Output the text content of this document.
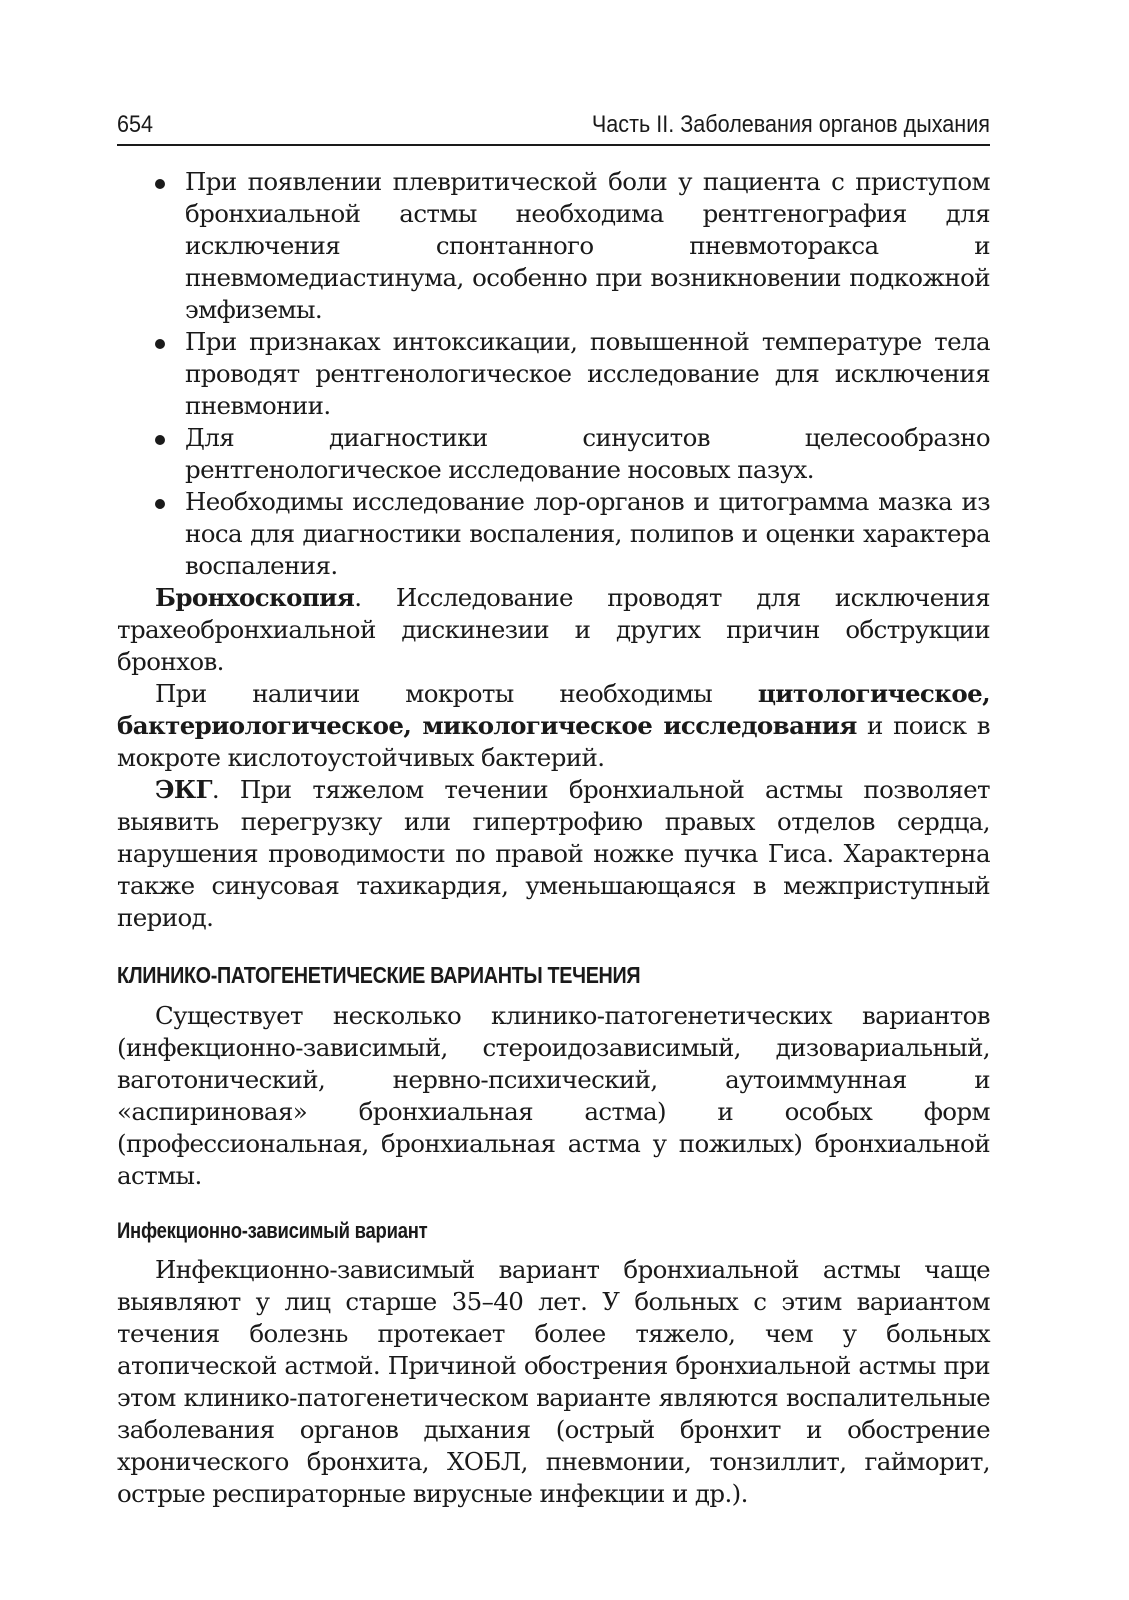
654	Часть II. Заболевания органов дыхания
При появлении плевритической боли у пациента с приступом бронхиальной астмы необходима рентгенография для исключения спонтанного пневмоторакса и пневмомедиастинума, особенно при возникновении подкожной эмфиземы.
При признаках интоксикации, повышенной температуре тела проводят рентгенологическое исследование для исключения пневмонии.
Для диагностики синуситов целесообразно рентгенологическое исследование носовых пазух.
Необходимы исследование лор-органов и цитограмма мазка из носа для диагностики воспаления, полипов и оценки характера воспаления.

Бронхоскопия. Исследование проводят для исключения трахеобронхиальной дискинезии и других причин обструкции бронхов.

При наличии мокроты необходимы цитологическое, бактериологическое, микологическое исследования и поиск в мокроте кислотоустойчивых бактерий.

ЭКГ. При тяжелом течении бронхиальной астмы позволяет выявить перегрузку или гипертрофию правых отделов сердца, нарушения проводимости по правой ножке пучка Гиса. Характерна также синусовая тахикардия, уменьшающаяся в межприступный период.

КЛИНИКО-ПАТОГЕНЕТИЧЕСКИЕ ВАРИАНТЫ ТЕЧЕНИЯ

Существует несколько клинико-патогенетических вариантов (инфекционно-зависимый, стероидозависимый, дизовариальный, ваготонический, нервно-психический, аутоиммунная и «аспириновая» бронхиальная астма) и особых форм (профессиональная, бронхиальная астма у пожилых) бронхиальной астмы.

Инфекционно-зависимый вариант

Инфекционно-зависимый вариант бронхиальной астмы чаще выявляют у лиц старше 35–40 лет. У больных с этим вариантом течения болезнь протекает более тяжело, чем у больных атопической астмой. Причиной обострения бронхиальной астмы при этом клинико-патогенетическом варианте являются воспалительные заболевания органов дыхания (острый бронхит и обострение хронического бронхита, ХОБЛ, пневмонии, тонзиллит, гайморит, острые респираторные вирусные инфекции и др.).
